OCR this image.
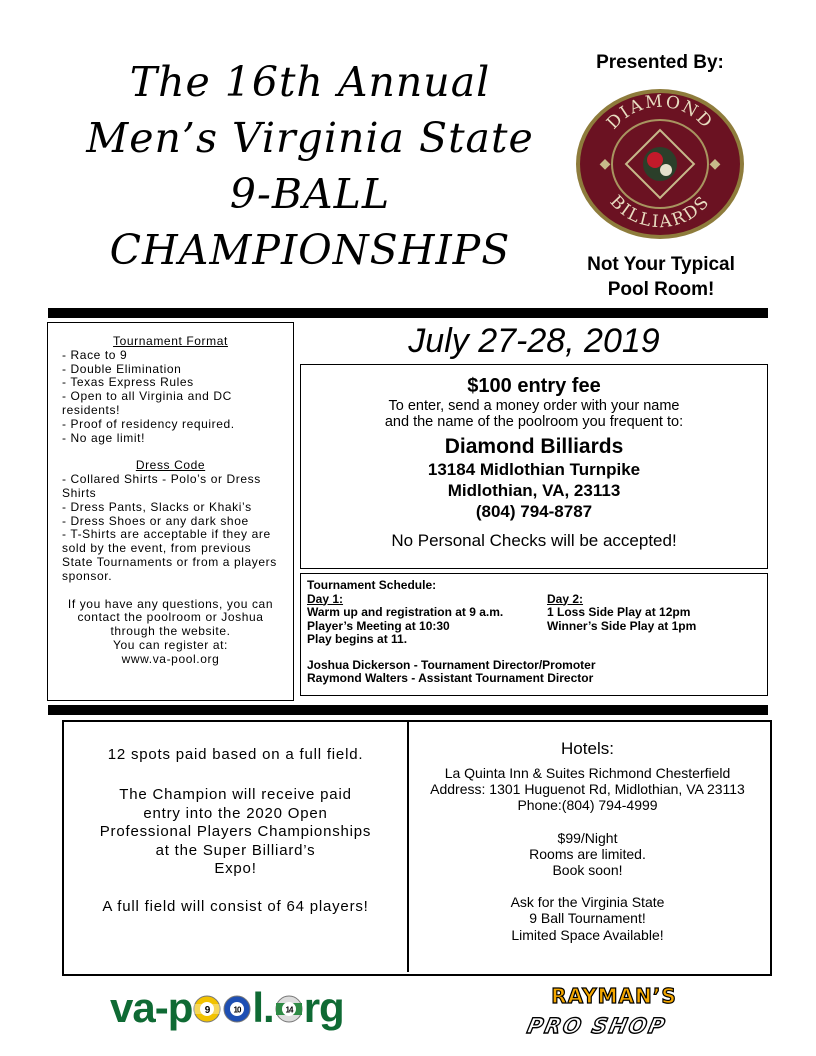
The 16th Annual
Men’s Virginia State
9-BALL
CHAMPIONSHIPS
Presented By:
DIAMOND
BILLIARDS
◆	◆
Not Your Typical
Pool Room!
Tournament Format
- Race to 9
- Double Elimination
- Texas Express Rules
- Open to all Virginia and DC residents!
- Proof of residency required.
- No age limit!
Dress Code
- Collared Shirts - Polo’s or Dress Shirts
- Dress Pants, Slacks or Khaki’s
- Dress Shoes or any dark shoe
- T-Shirts are acceptable if they are sold by the event, from previous State Tournaments or from a players sponsor.
If you have any questions, you can contact the poolroom or Joshua through the website.
You can register at:
www.va-pool.org
July 27-28, 2019
$100 entry fee
To enter, send a money order with your name
and the name of the poolroom you frequent to:
Diamond Billiards
13184 Midlothian Turnpike
Midlothian, VA, 23113
(804) 794-8787
No Personal Checks will be accepted!
Tournament Schedule:
Day 1:
Warm up and registration at 9 a.m.
Player’s Meeting at 10:30
Play begins at 11.
Day 2:
1 Loss Side Play at 12pm
Winner’s Side Play at 1pm
Joshua Dickerson - Tournament Director/Promoter
Raymond Walters - Assistant Tournament Director
12 spots paid based on a full field.
The Champion will receive paid
entry into the 2020 Open
Professional Players Championships
at the Super Billiard’s
Expo!
A full field will consist of 64 players!
Hotels:
La Quinta Inn & Suites Richmond Chesterfield
Address: 1301 Huguenot Rd, Midlothian, VA 23113
Phone:(804) 794-4999
$99/Night
Rooms are limited.
Book soon!
Ask for the Virginia State
9 Ball Tournament!
Limited Space Available!
va-p 9	10 l. 14 rg	RAYMAN’S
PRO SHOP
